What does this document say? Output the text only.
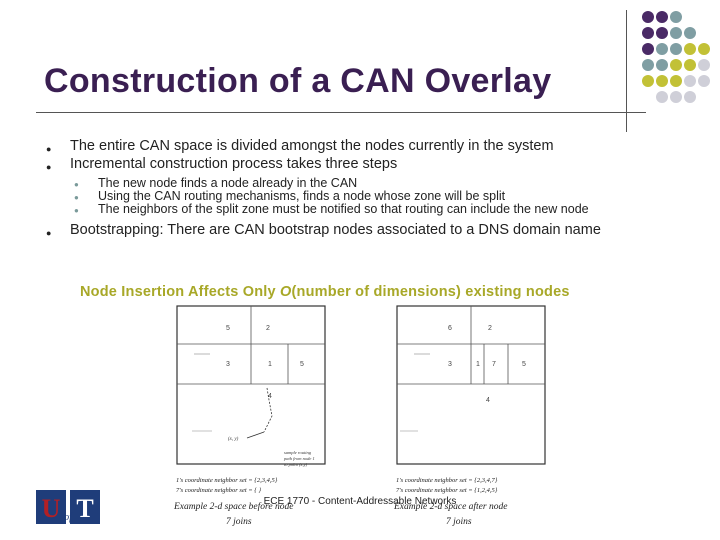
Construction of a CAN Overlay

● The entire CAN space is divided amongst the nodes currently in the system

● Incremental construction process takes three steps

● The new node finds a node already in the CAN

● Using the CAN routing mechanisms, finds a node whose zone will be split

● The neighbors of the split zone must be notified so that routing can include the new node

● Bootstrapping: There are CAN bootstrap nodes associated to a DNS domain name

Node Insertion Affects Only O(number of dimensions) existing nodes
5	2
3	1	5
4
(x, y)
sample routing
path from node 1
to point (x,y)
1's coordinate neighbor set = {2,3,4,5}
7's coordinate neighbor set = { }
Example 2-d space before node
7 joins
6	2
3	1 7	5
4
1's coordinate neighbor set = {2,3,4,7}
7's coordinate neighbor set = {1,2,4,5}
Example 2-d space after node
7 joins
U of T	ECE 1770 - Content-Addressable Networks
